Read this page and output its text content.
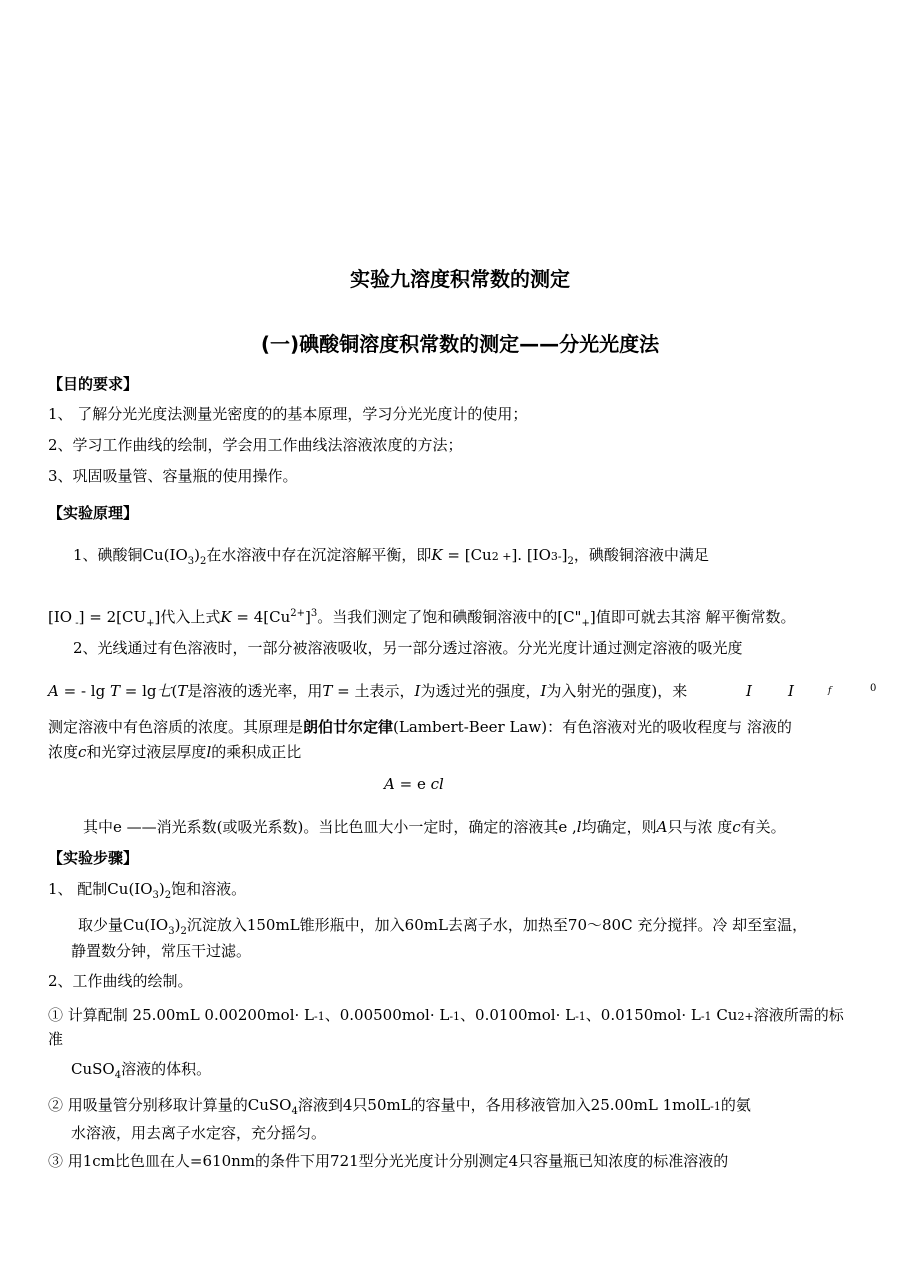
实验九溶度积常数的测定
(一)碘酸铜溶度积常数的测定——分光光度法
【目的要求】
1、 了解分光光度法测量光密度的的基本原理，学习分光光度计的使用；
2、学习工作曲线的绘制，学会用工作曲线法溶液浓度的方法；
3、巩固吸量管、容量瓶的使用操作。
【实验原理】
1、碘酸铜$Cu(IO_3)_2$在水溶液中存在沉淀溶解平衡，即K = [Cu2 +]. $[IO3-]_2$，碘酸铜溶液中满足
[IO $_-] = 2[CU_+]$代入上式$K = 4[Cu^{2+}]^3$。当我们测定了饱和碘酸铜溶液中的$[C"_+]$值即可就去其溶 解平衡常数。
2、光线通过有色溶液时，一部分被溶液吸收，另一部分透过溶液。分光光度计通过测定溶液的吸光度
A = - lg T = lg七(T是溶液的透光率，用T = 土表示，I为透过光的强度，I为入射光的强度)，来	I I	f	0
测定溶液中有色溶质的浓度。其原理是朗伯廿尔定律(Lambert-Beer Law)：有色溶液对光的吸收程度与 溶液的
浓度c和光穿过液层厚度l的乘积成正比
A = e cl
其中e ——消光系数(或吸光系数)。当比色皿大小一定时，确定的溶液其e ,l均确定，则A只与浓 度c有关。
【实验步骤】
1、 配制$Cu(IO_3)_2$饱和溶液。
取少量$Cu(IO_3)_2$沉淀放入150mL锥形瓶中，加入60mL去离子水，加热至70〜80C 充分搅拌。冷 却至室温，
静置数分钟，常压干过滤。
2、工作曲线的绘制。
① 计算配制 25.00mL 0.00200mol· L-1、0.00500mol· L-1、0.0100mol· L-1、0.0150mol· L-1 Cu2+溶液所需的标
准
CuSO$_4$溶液的体积。
② 用吸量管分别移取计算量的CuSO$_4$溶液到4只50mL的容量中，各用移液管加入25.00mL 1molL-1的氨
水溶液，用去离子水定容，充分摇匀。
③ 用1cm比色皿在人=610nm的条件下用721型分光光度计分别测定4只容量瓶已知浓度的标准溶液的
